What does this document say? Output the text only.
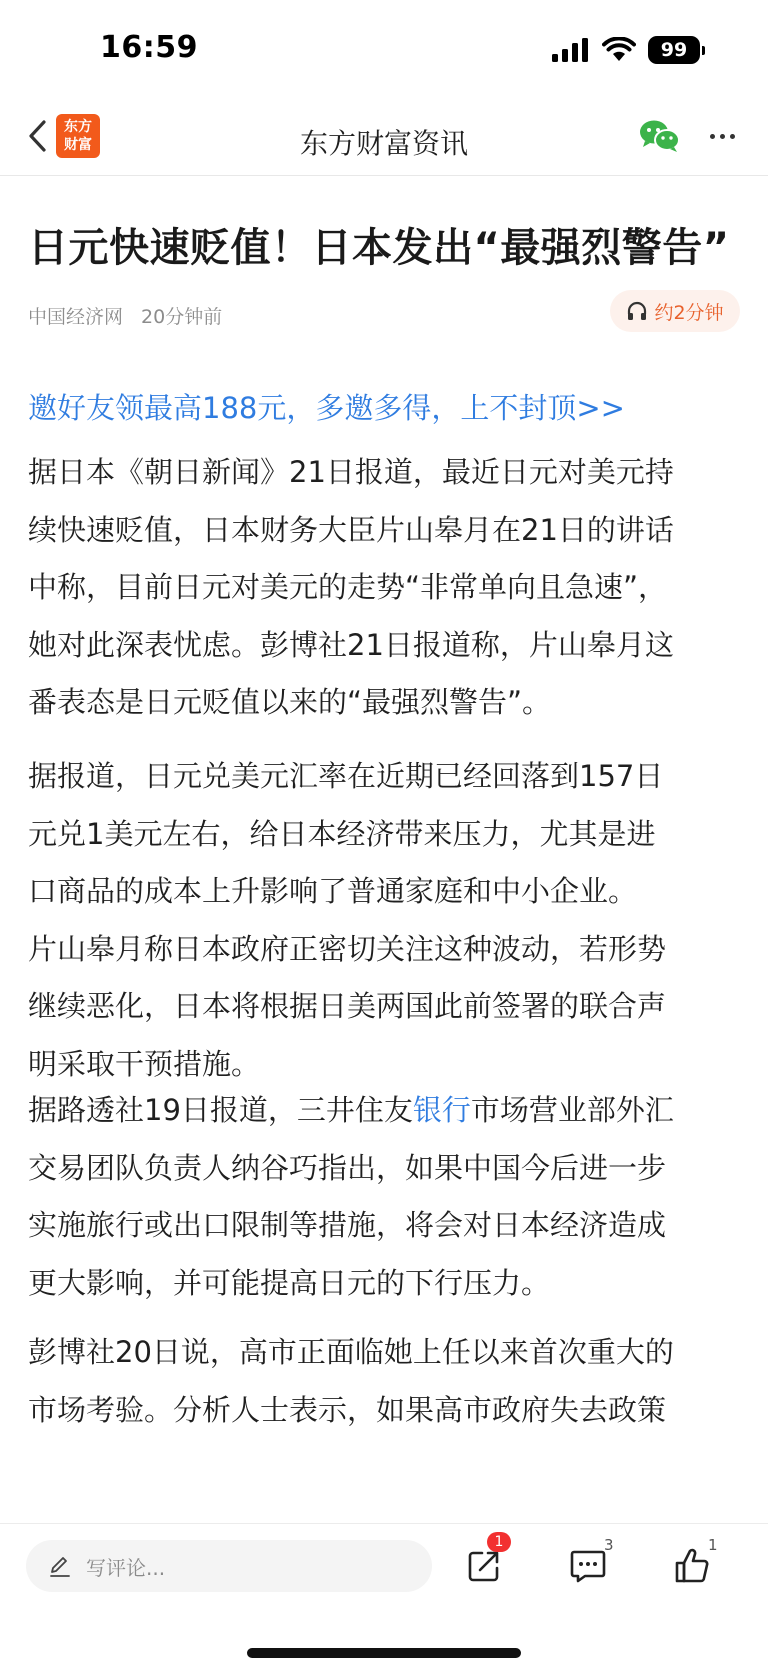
16:59	99
东方
财富	东方财富资讯
日元快速贬值！日本发出“最强烈警告”
中国经济网 20分钟前	约2分钟
邀好友领最高188元，多邀多得，上不封顶>>
据日本《朝日新闻》21日报道，最近日元对美元持
续快速贬值，日本财务大臣片山皋月在21日的讲话
中称，目前日元对美元的走势“非常单向且急速”，
她对此深表忧虑。彭博社21日报道称，片山皋月这
番表态是日元贬值以来的“最强烈警告”。
据报道，日元兑美元汇率在近期已经回落到157日
元兑1美元左右，给日本经济带来压力，尤其是进
口商品的成本上升影响了普通家庭和中小企业。
片山皋月称日本政府正密切关注这种波动，若形势
继续恶化，日本将根据日美两国此前签署的联合声
明采取干预措施。
据路透社19日报道，三井住友银行市场营业部外汇
交易团队负责人纳谷巧指出，如果中国今后进一步
实施旅行或出口限制等措施，将会对日本经济造成
更大影响，并可能提高日元的下行压力。
彭博社20日说，高市正面临她上任以来首次重大的
市场考验。分析人士表示，如果高市政府失去政策
写评论...
1	3	1
